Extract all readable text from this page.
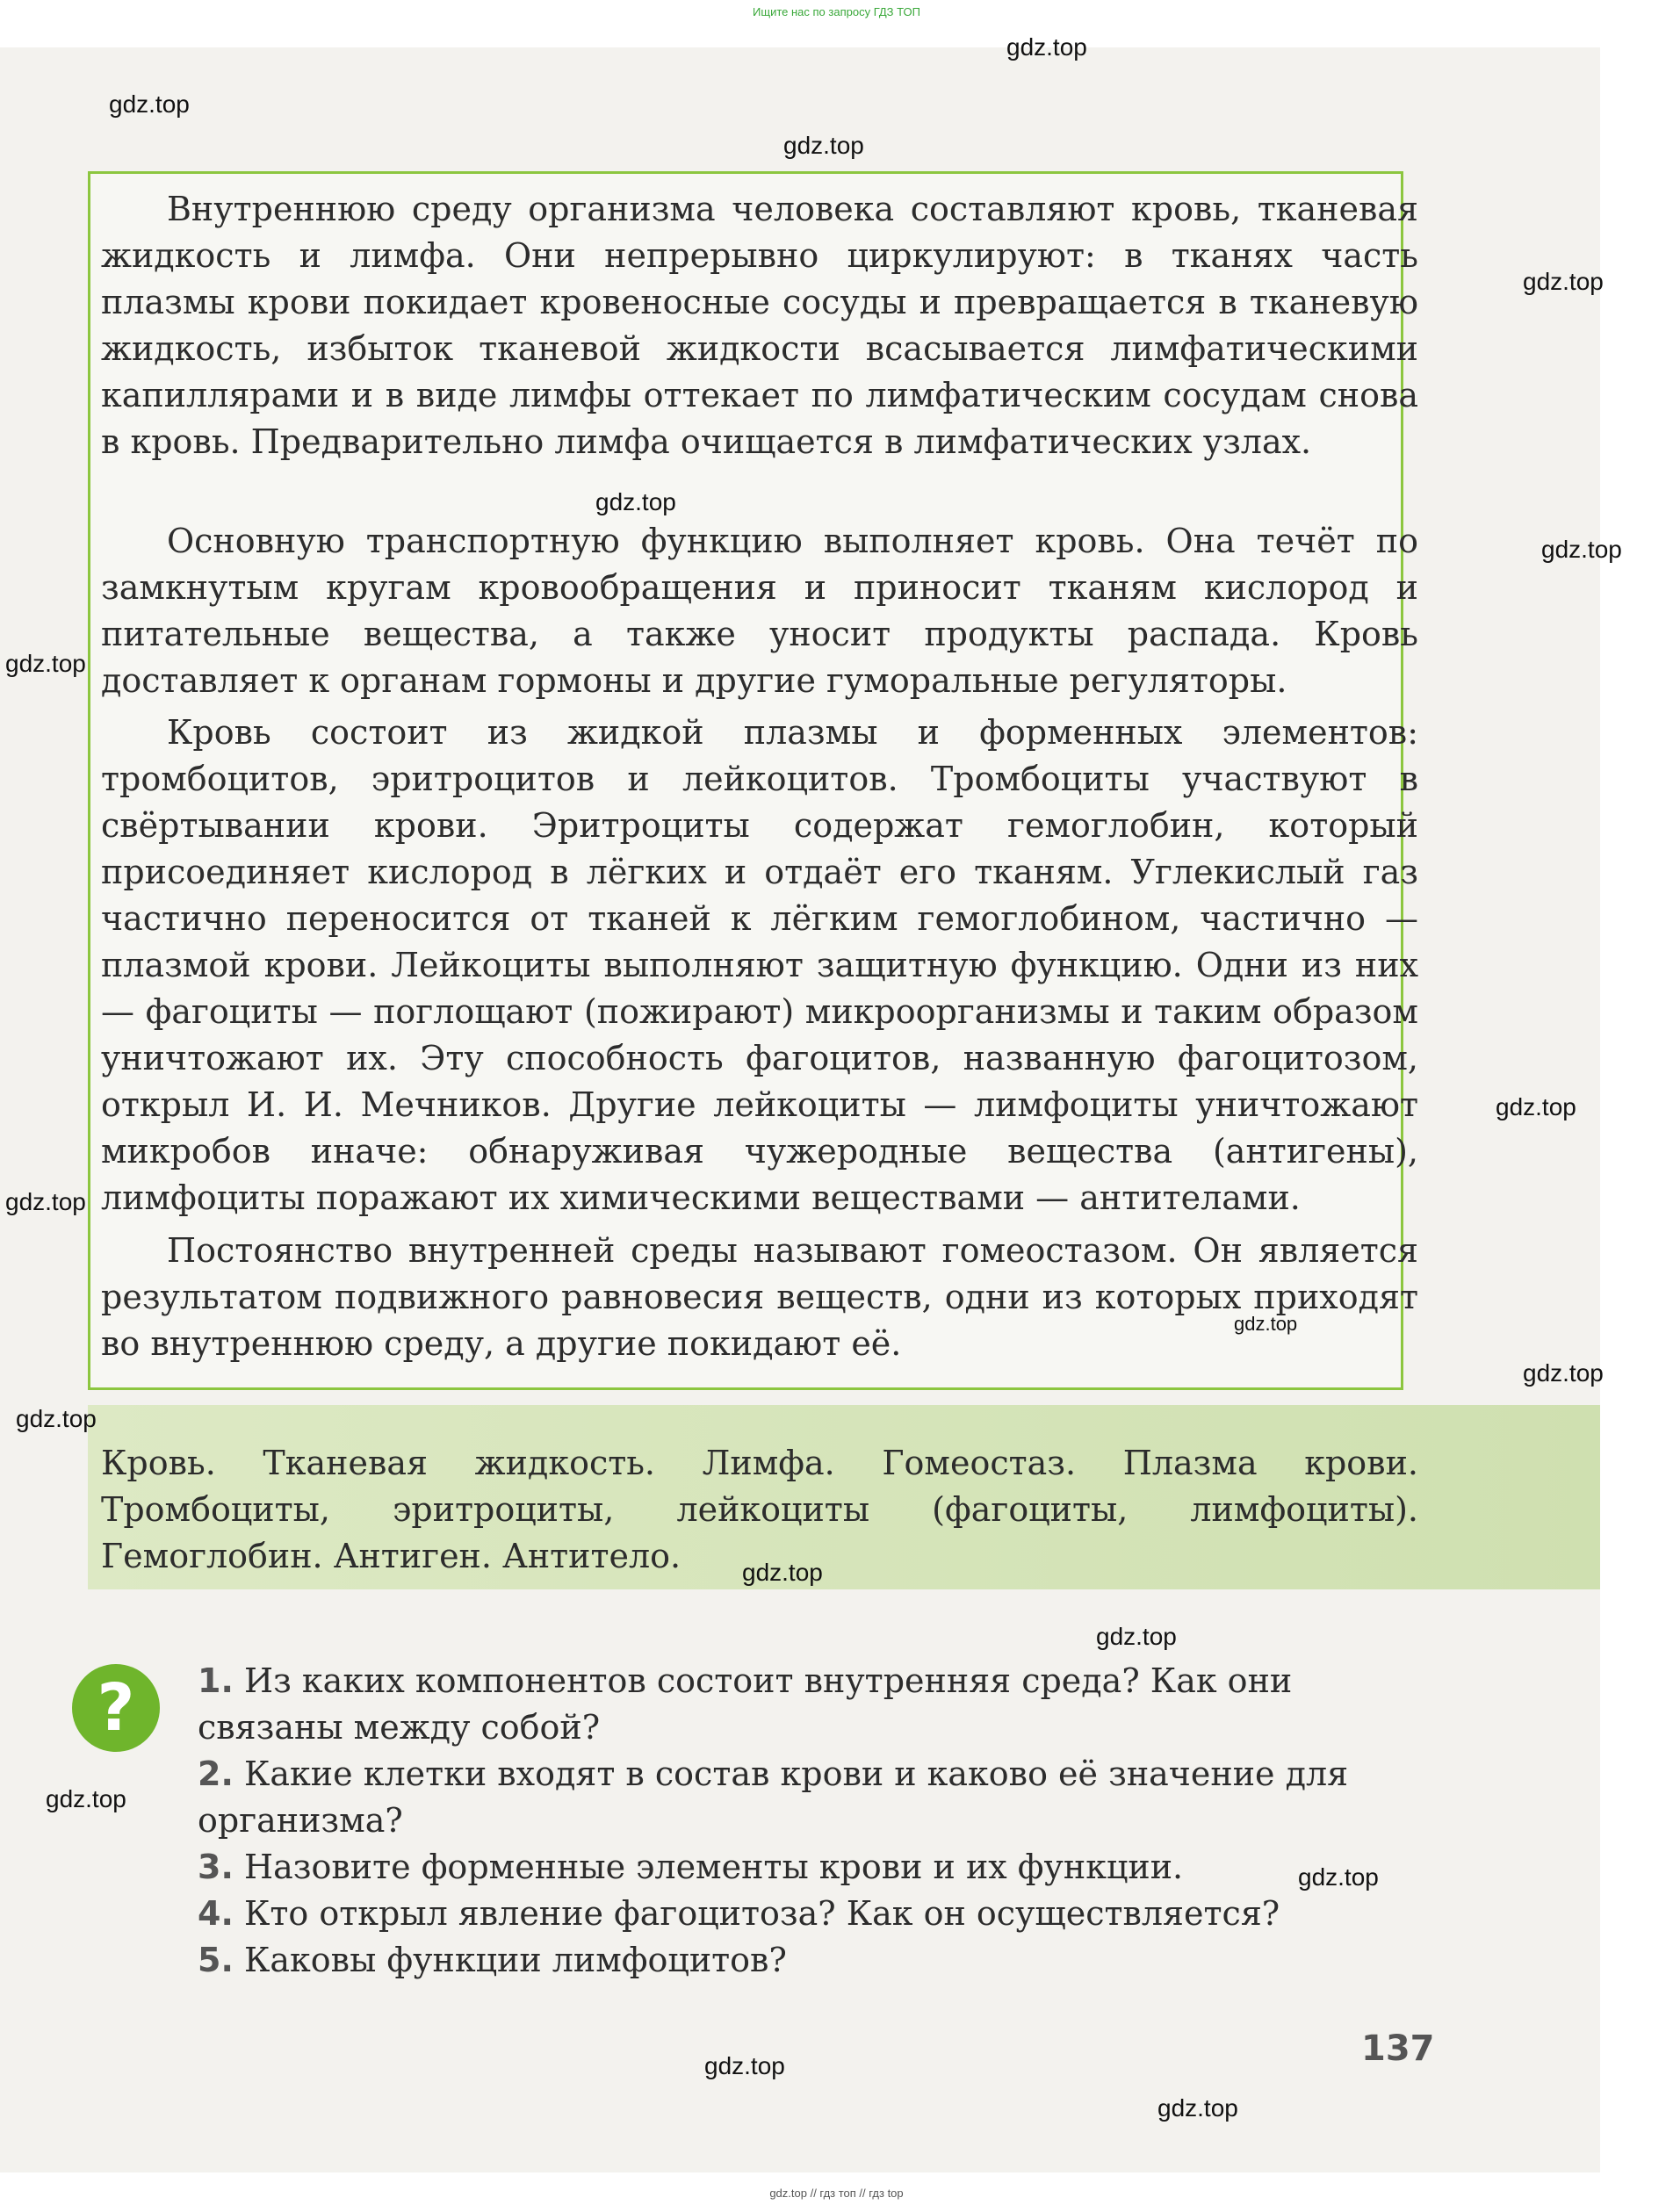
Ищите нас по запросу ГДЗ ТОП

Внутреннюю среду организма человека составляют кровь, тканевая жидкость и лимфа. Они непрерывно циркулируют: в тканях часть плазмы крови покидает кровеносные сосуды и превращается в тканевую жидкость, избыток тканевой жидкости всасывается лимфатическими капиллярами и в виде лимфы оттекает по лимфатическим сосудам снова в кровь. Предварительно лимфа очищается в лимфатических узлах.

Основную транспортную функцию выполняет кровь. Она течёт по замкнутым кругам кровообращения и приносит тканям кислород и питательные вещества, а также уносит продукты распада. Кровь доставляет к органам гормоны и другие гуморальные регуляторы.

Кровь состоит из жидкой плазмы и форменных элементов: тромбоцитов, эритроцитов и лейкоцитов. Тромбоциты участвуют в свёртывании крови. Эритроциты содержат гемоглобин, который присоединяет кислород в лёгких и отдаёт его тканям. Углекислый газ частично переносится от тканей к лёгким гемоглобином, частично — плазмой крови. Лейкоциты выполняют защитную функцию. Одни из них — фагоциты — поглощают (пожирают) микроорганизмы и таким образом уничтожают их. Эту способность фагоцитов, названную фагоцитозом, открыл И. И. Мечников. Другие лейкоциты — лимфоциты уничтожают микробов иначе: обнаруживая чужеродные вещества (антигены), лимфоциты поражают их химическими веществами — антителами.

Постоянство внутренней среды называют гомеостазом. Он является результатом подвижного равновесия веществ, одни из которых приходят во внутреннюю среду, а другие покидают её.

Кровь. Тканевая жидкость. Лимфа. Гомеостаз. Плазма крови. Тромбоциты, эритроциты, лейкоциты (фагоциты, лимфоциты). Гемоглобин. Антиген. Антитело.

?	1. Из каких компонентов состоит внутренняя среда? Как они связаны между собой?
2. Какие клетки входят в состав крови и каково её значение для организма?
3. Назовите форменные элементы крови и их функции.
4. Кто открыл явление фагоцитоза? Как он осуществляется?
5. Каковы функции лимфоцитов?
137
gdz.top
gdz.top
gdz.top
gdz.top
gdz.top
gdz.top
gdz.top
gdz.top
gdz.top
gdz.top
gdz.top
gdz.top
gdz.top
gdz.top
gdz.top
gdz.top
gdz.top
gdz.top
gdz.top // гдз топ // гдз top
